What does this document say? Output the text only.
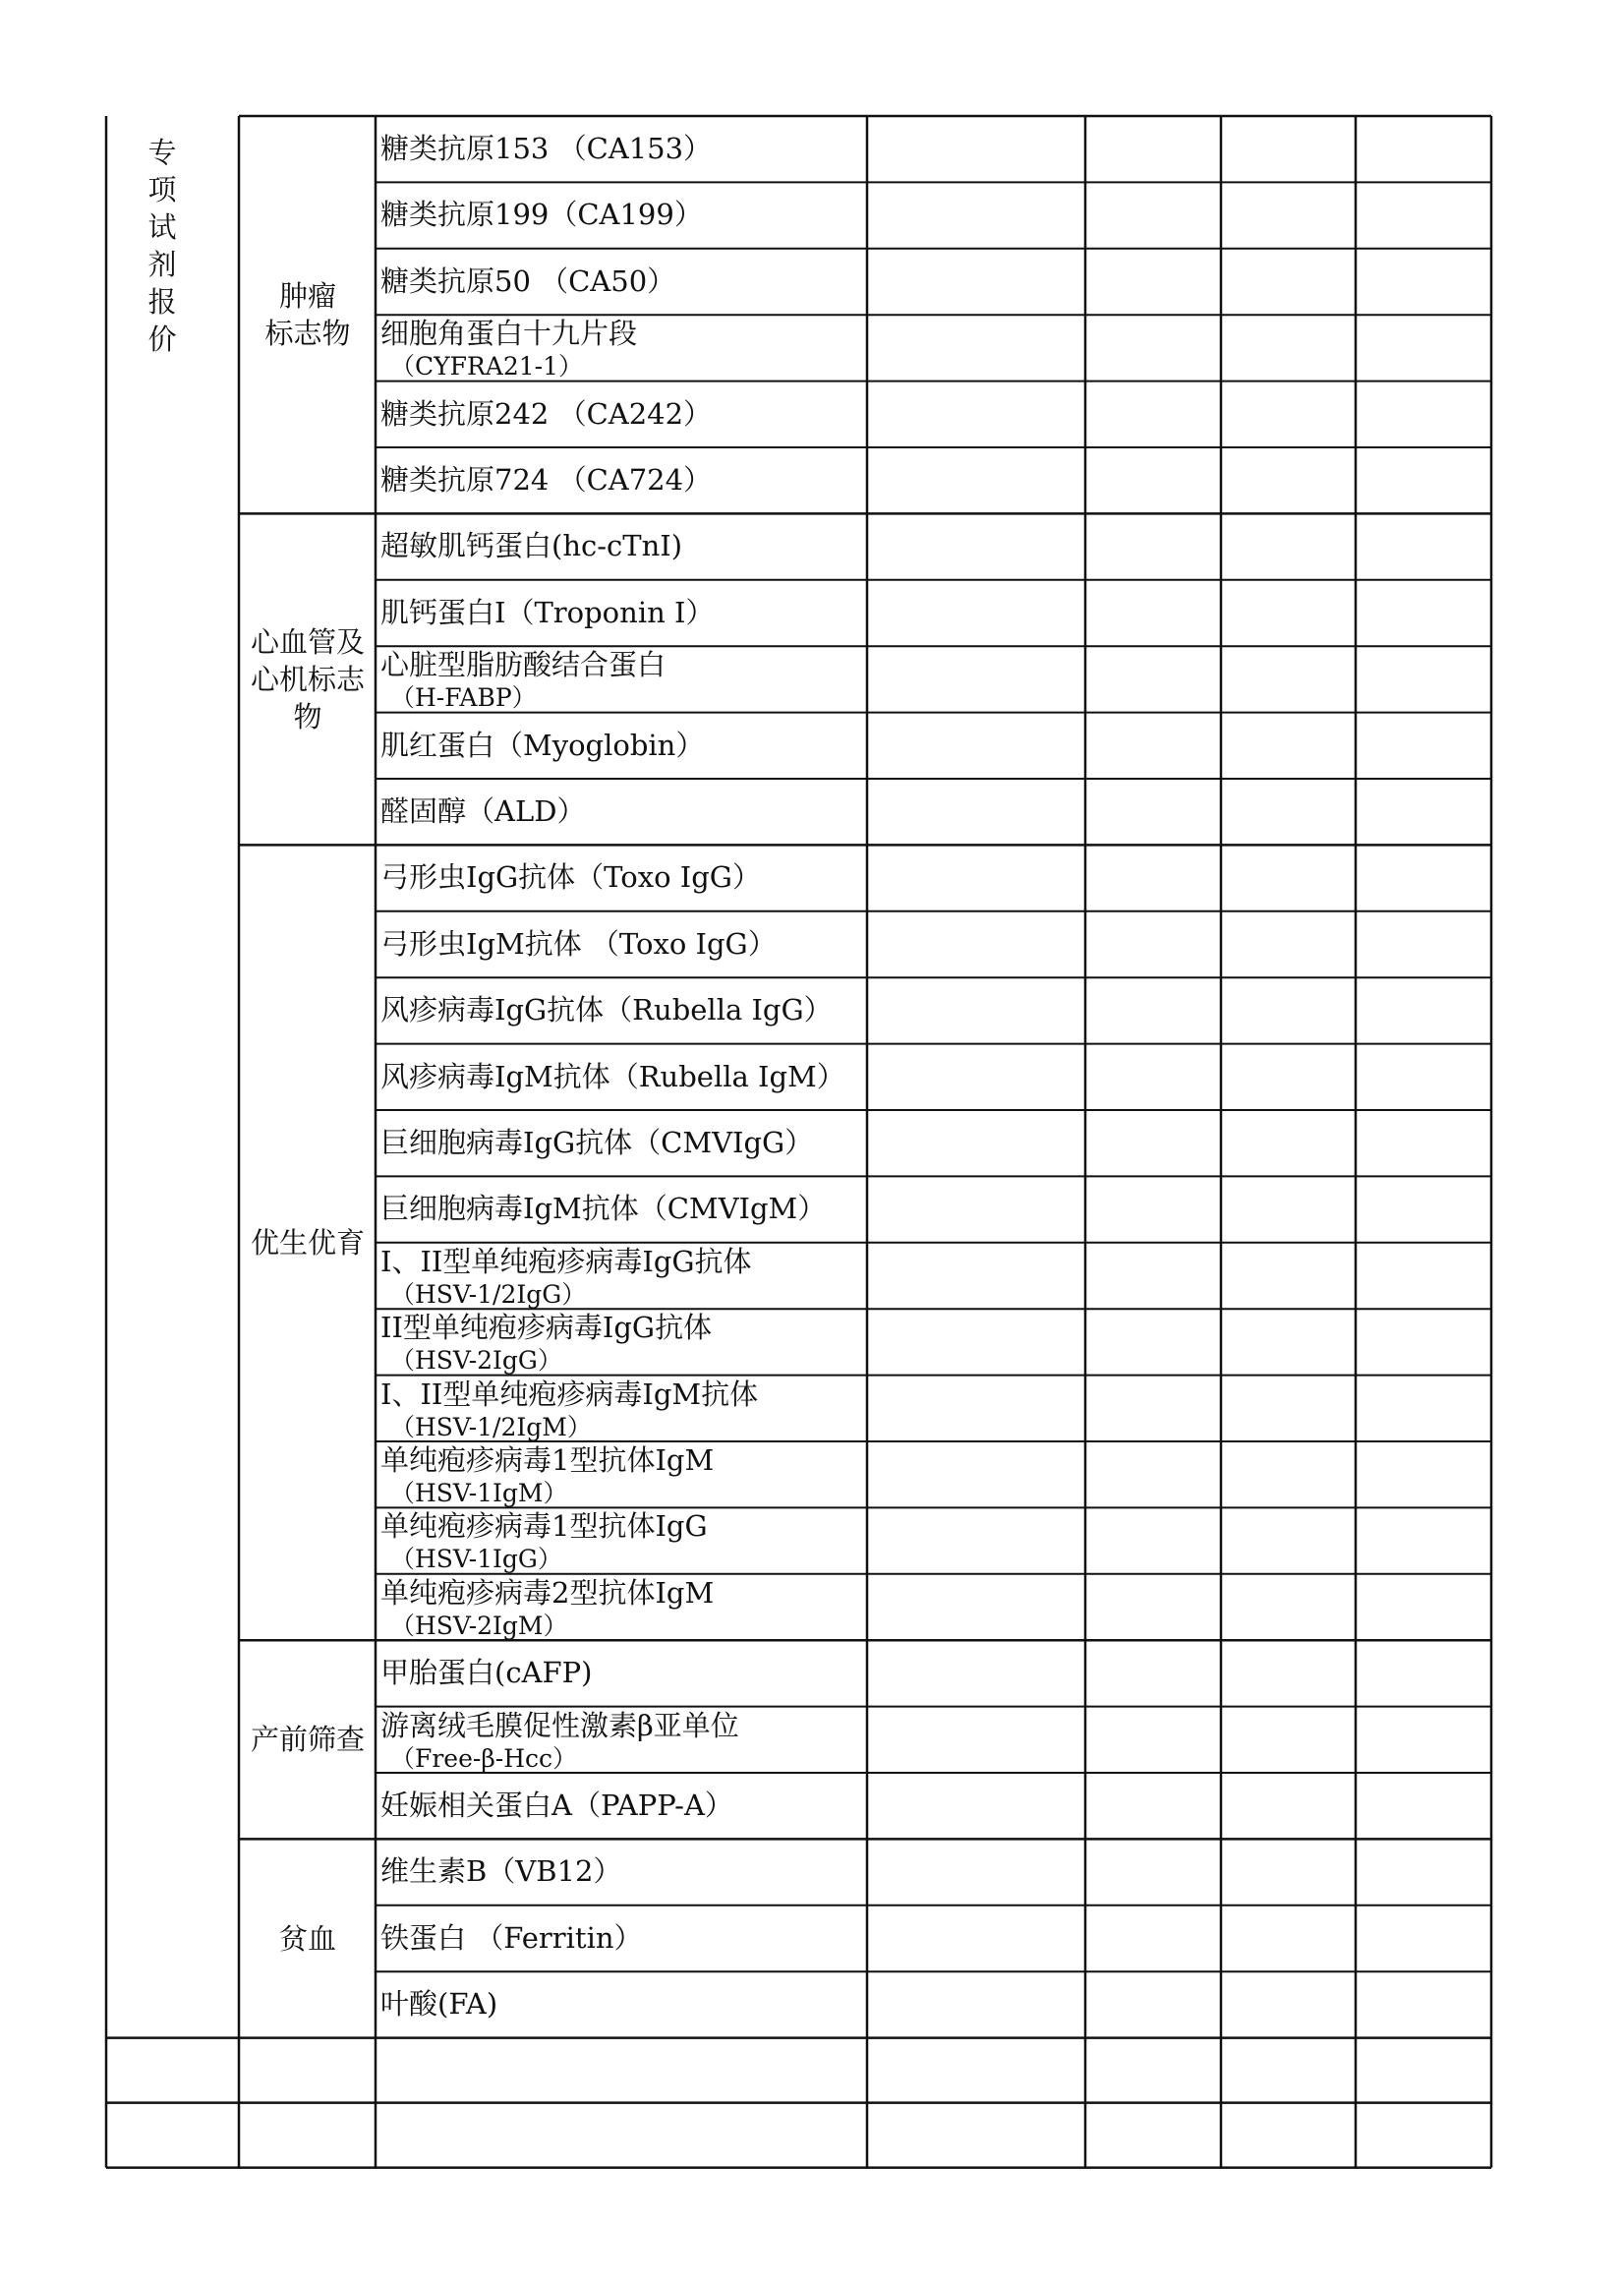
专项
试剂
报价
肿瘤
标志物
心血管及
心机标志
物
优生优育
产前筛查
贫血
糖类抗原153 （CA153）
糖类抗原199（CA199）
糖类抗原50 （CA50）
细胞角蛋白十九片段
（CYFRA21-1）
糖类抗原242 （CA242）
糖类抗原724 （CA724）
超敏肌钙蛋白(hc-cTnI)
肌钙蛋白I（Troponin I）
心脏型脂肪酸结合蛋白
（H-FABP）
肌红蛋白（Myoglobin）
醛固醇（ALD）
弓形虫IgG抗体（Toxo IgG）
弓形虫IgM抗体 （Toxo IgG）
风疹病毒IgG抗体（Rubella IgG）
风疹病毒IgM抗体（Rubella IgM）
巨细胞病毒IgG抗体（CMVIgG）
巨细胞病毒IgM抗体（CMVIgM）
I、II型单纯疱疹病毒IgG抗体
（HSV-1/2IgG）
II型单纯疱疹病毒IgG抗体
（HSV-2IgG）
I、II型单纯疱疹病毒IgM抗体
（HSV-1/2IgM）
单纯疱疹病毒1型抗体IgM
（HSV-1IgM）
单纯疱疹病毒1型抗体IgG
（HSV-1IgG）
单纯疱疹病毒2型抗体IgM
（HSV-2IgM）
甲胎蛋白(cAFP)
游离绒毛膜促性激素β亚单位
（Free-β-Hcc）
妊娠相关蛋白A（PAPP-A）
维生素B（VB12）
铁蛋白 （Ferritin）
叶酸(FA)
